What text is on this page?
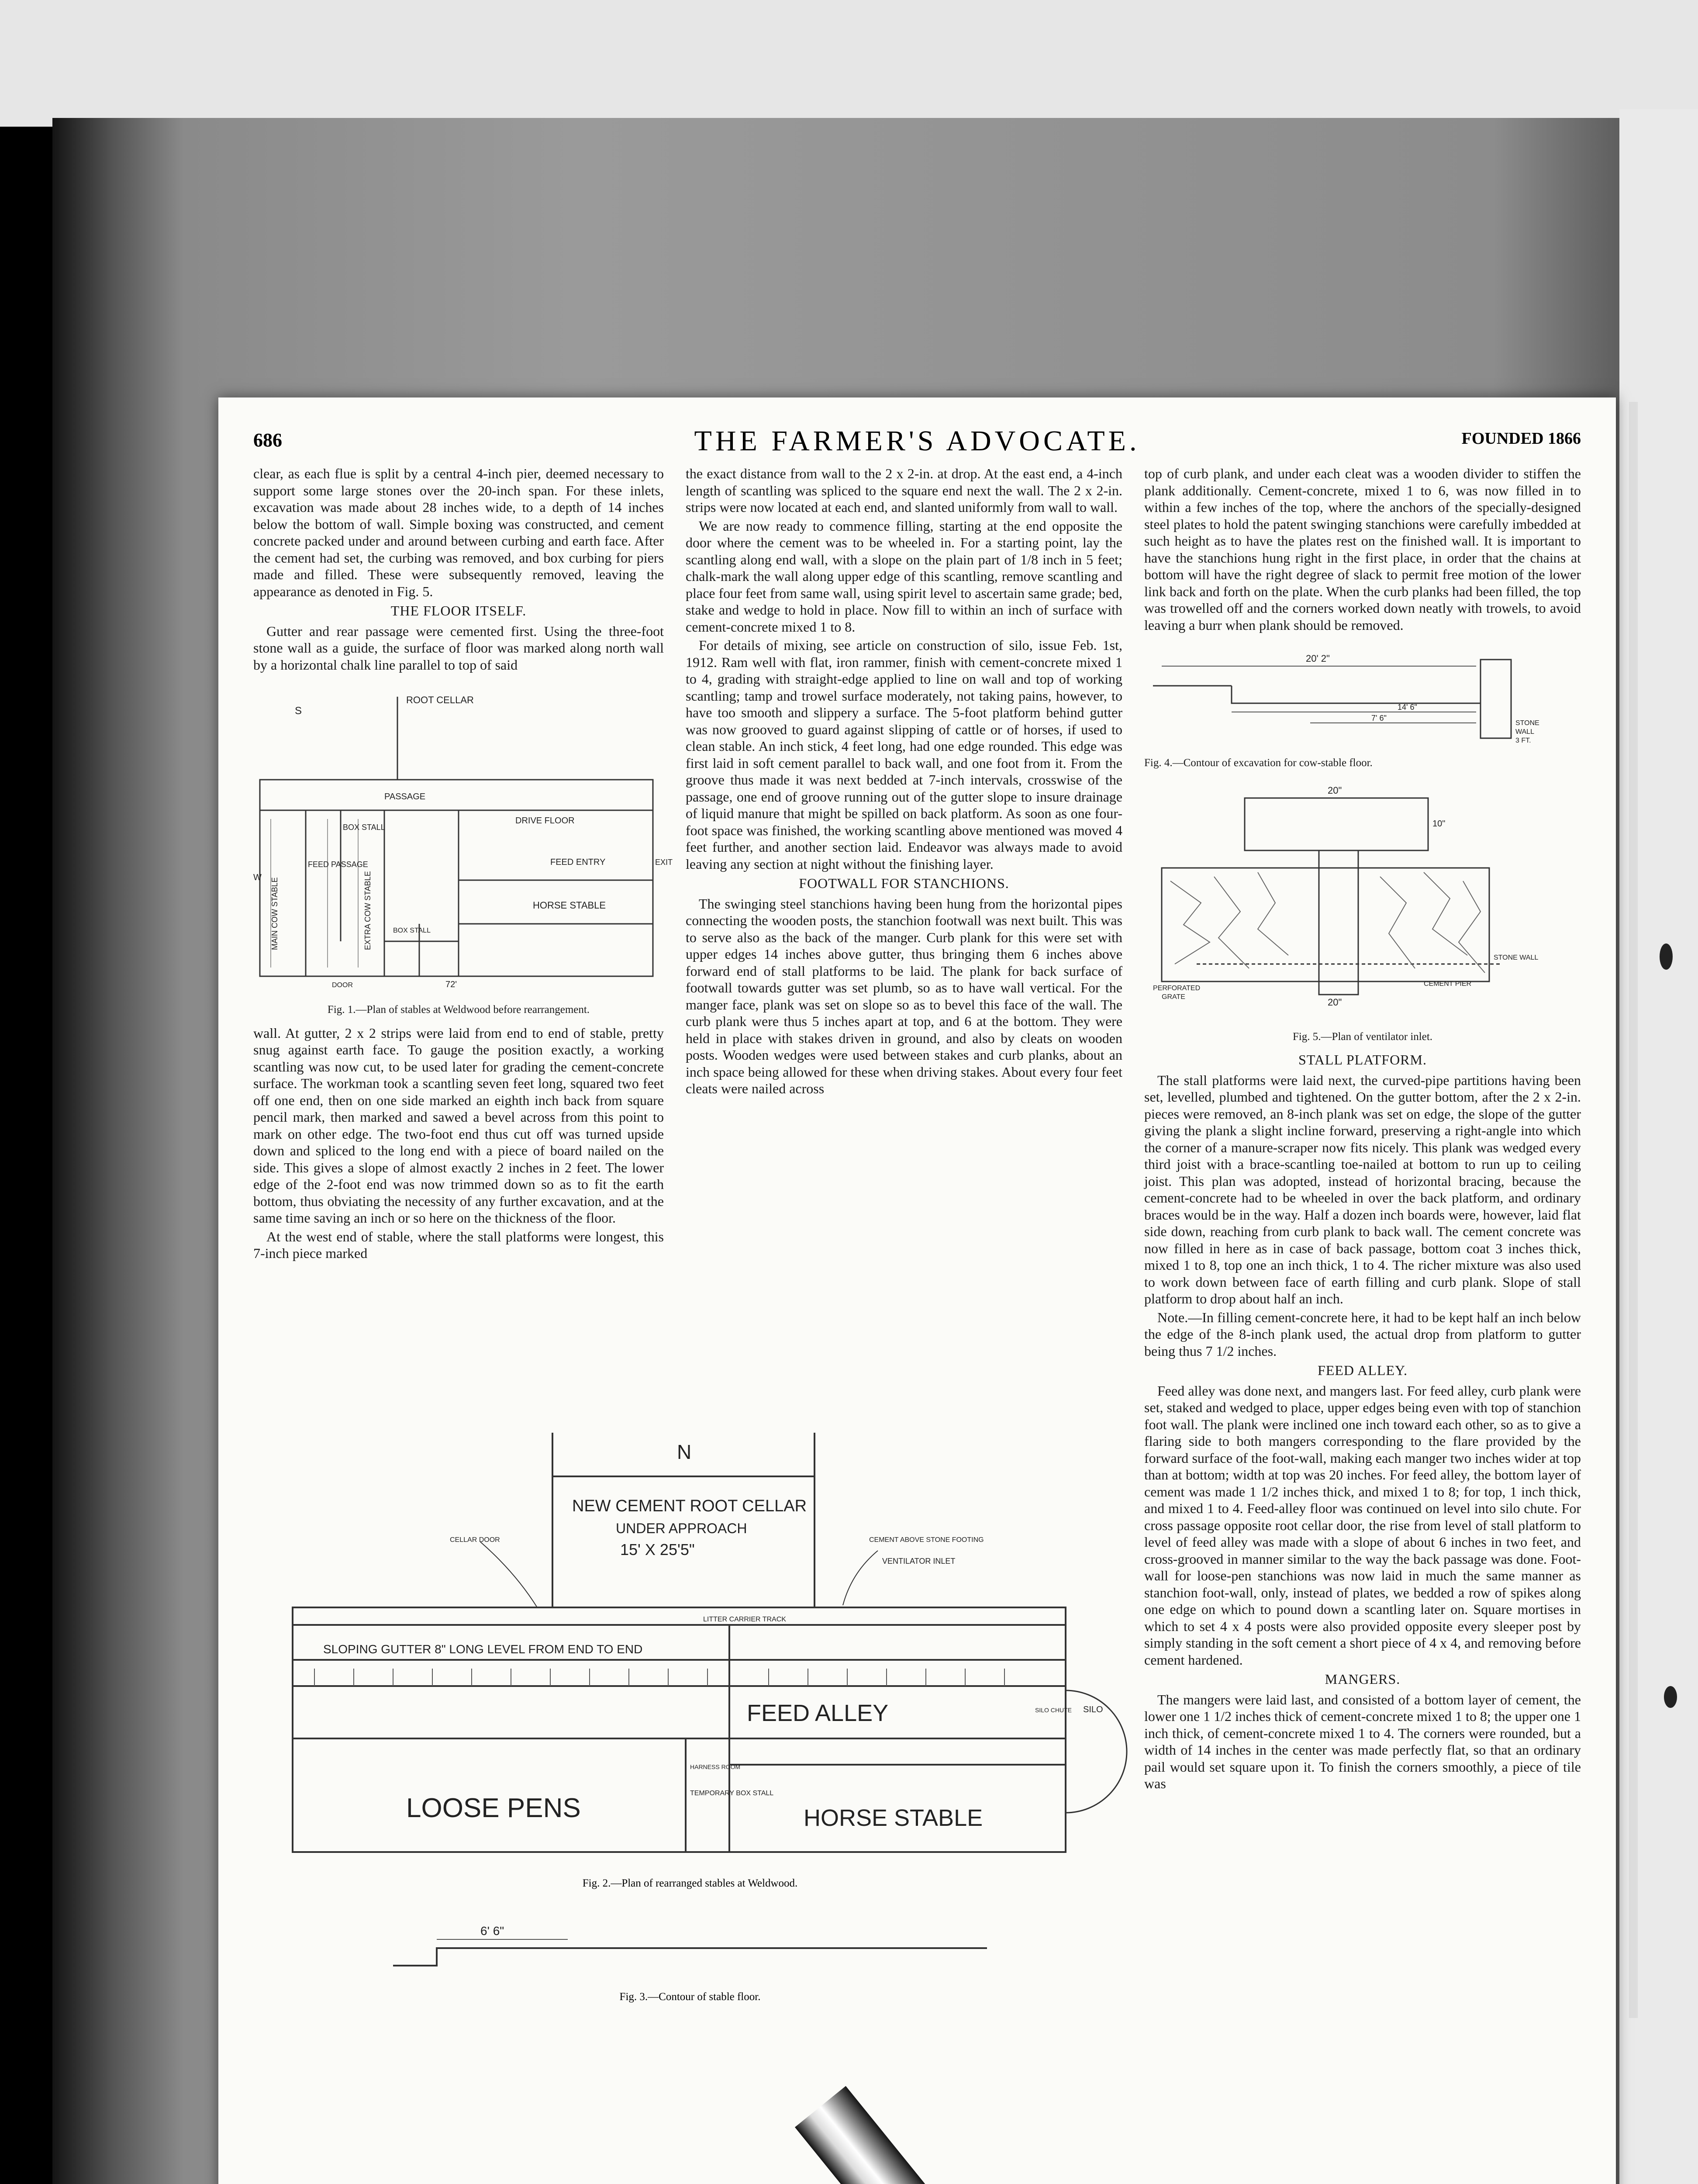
686	THE FARMER'S ADVOCATE.	FOUNDED 1866

clear, as each flue is split by a central 4-inch pier, deemed necessary to support some large stones over the 20-inch span. For these inlets, excavation was made about 28 inches wide, to a depth of 14 inches below the bottom of wall. Simple boxing was constructed, and cement concrete packed under and around between curbing and earth face. After the cement had set, the curbing was removed, and box curbing for piers made and filled. These were subsequently removed, leaving the appearance as denoted in Fig. 5.

THE FLOOR ITSELF.

Gutter and rear passage were cemented first. Using the three-foot stone wall as a guide, the surface of floor was marked along north wall by a horizontal chalk line parallel to top of said

ROOT CELLAR
S
PASSAGE
BOX STALL
FEED PASSAGE
MAIN COW STABLE	EXTRA COW STABLE
DRIVE FLOOR
FEED ENTRY	EXIT
HORSE STABLE
BOX STALL
W
DOOR	72'
Fig. 1.—Plan of stables at Weldwood before rearrangement.

wall. At gutter, 2 x 2 strips were laid from end to end of stable, pretty snug against earth face. To gauge the position exactly, a working scantling was now cut, to be used later for grading the cement-concrete surface. The workman took a scantling seven feet long, squared two feet off one end, then on one side marked an eighth inch back from square pencil mark, then marked and sawed a bevel across from this point to mark on other edge. The two-foot end thus cut off was turned upside down and spliced to the long end with a piece of board nailed on the side. This gives a slope of almost exactly 2 inches in 2 feet. The lower edge of the 2-foot end was now trimmed down so as to fit the earth bottom, thus obviating the necessity of any further excavation, and at the same time saving an inch or so here on the thickness of the floor.

At the west end of stable, where the stall platforms were longest, this 7-inch piece marked

the exact distance from wall to the 2 x 2-in. at drop. At the east end, a 4-inch length of scantling was spliced to the square end next the wall. The 2 x 2-in. strips were now located at each end, and slanted uniformly from wall to wall.

We are now ready to commence filling, starting at the end opposite the door where the cement was to be wheeled in. For a starting point, lay the scantling along end wall, with a slope on the plain part of 1/8 inch in 5 feet; chalk-mark the wall along upper edge of this scantling, remove scantling and place four feet from same wall, using spirit level to ascertain same grade; bed, stake and wedge to hold in place. Now fill to within an inch of surface with cement-concrete mixed 1 to 8.

For details of mixing, see article on construction of silo, issue Feb. 1st, 1912. Ram well with flat, iron rammer, finish with cement-concrete mixed 1 to 4, grading with straight-edge applied to line on wall and top of working scantling; tamp and trowel surface moderately, not taking pains, however, to have too smooth and slippery a surface. The 5-foot platform behind gutter was now grooved to guard against slipping of cattle or of horses, if used to clean stable. An inch stick, 4 feet long, had one edge rounded. This edge was first laid in soft cement parallel to back wall, and one foot from it. From the groove thus made it was next bedded at 7-inch intervals, crosswise of the passage, one end of groove running out of the gutter slope to insure drainage of liquid manure that might be spilled on back platform. As soon as one four-foot space was finished, the working scantling above mentioned was moved 4 feet further, and another section laid. Endeavor was always made to avoid leaving any section at night without the finishing layer.

FOOTWALL FOR STANCHIONS.

The swinging steel stanchions having been hung from the horizontal pipes connecting the wooden posts, the stanchion footwall was next built. This was to serve also as the back of the manger. Curb plank for this were set with upper edges 14 inches above gutter, thus bringing them 6 inches above forward end of stall platforms to be laid. The plank for back surface of footwall towards gutter was set plumb, so as to have wall vertical. For the manger face, plank was set on slope so as to bevel this face of the wall. The curb plank were thus 5 inches apart at top, and 6 at the bottom. They were held in place with stakes driven in ground, and also by cleats on wooden posts. Wooden wedges were used between stakes and curb planks, about an inch space being allowed for these when driving stakes. About every four feet cleats were nailed across

top of curb plank, and under each cleat was a wooden divider to stiffen the plank additionally. Cement-concrete, mixed 1 to 6, was now filled in to within a few inches of the top, where the anchors of the specially-designed steel plates to hold the patent swinging stanchions were carefully imbedded at such height as to have the plates rest on the finished wall. It is important to have the stanchions hung right in the first place, in order that the chains at bottom will have the right degree of slack to permit free motion of the lower link back and forth on the plate. When the curb planks had been filled, the top was trowelled off and the corners worked down neatly with trowels, to avoid leaving a burr when plank should be removed.

20' 2"
14' 6"
7' 6"
STONE
WALL
3 FT.
Fig. 4.—Contour of excavation for cow-stable floor.
20"
10"
20"
STONE WALL
CEMENT PIER
PERFORATED
GRATE
Fig. 5.—Plan of ventilator inlet.
STALL PLATFORM.

The stall platforms were laid next, the curved-pipe partitions having been set, levelled, plumbed and tightened. On the gutter bottom, after the 2 x 2-in. pieces were removed, an 8-inch plank was set on edge, the slope of the gutter giving the plank a slight incline forward, preserving a right-angle into which the corner of a manure-scraper now fits nicely. This plank was wedged every third joist with a brace-scantling toe-nailed at bottom to run up to ceiling joist. This plan was adopted, instead of horizontal bracing, because the cement-concrete had to be wheeled in over the back platform, and ordinary braces would be in the way. Half a dozen inch boards were, however, laid flat side down, reaching from curb plank to back wall. The cement concrete was now filled in here as in case of back passage, bottom coat 3 inches thick, mixed 1 to 8, top one an inch thick, 1 to 4. The richer mixture was also used to work down between face of earth filling and curb plank. Slope of stall platform to drop about half an inch.

Note.—In filling cement-concrete here, it had to be kept half an inch below the edge of the 8-inch plank used, the actual drop from platform to gutter being thus 7 1/2 inches.

FEED ALLEY.

Feed alley was done next, and mangers last. For feed alley, curb plank were set, staked and wedged to place, upper edges being even with top of stanchion foot wall. The plank were inclined one inch toward each other, so as to give a flaring side to both mangers corresponding to the flare provided by the forward surface of the foot-wall, making each manger two inches wider at top than at bottom; width at top was 20 inches. For feed alley, the bottom layer of cement was made 1 1/2 inches thick, and mixed 1 to 8; for top, 1 inch thick, and mixed 1 to 4. Feed-alley floor was continued on level into silo chute. For cross passage opposite root cellar door, the rise from level of stall platform to level of feed alley was made with a slope of about 6 inches in two feet, and cross-grooved in manner similar to the way the back passage was done. Foot-wall for loose-pen stanchions was now laid in much the same manner as stanchion foot-wall, only, instead of plates, we bedded a row of spikes along one edge on which to pound down a scantling later on. Square mortises in which to set 4 x 4 posts were also provided opposite every sleeper post by simply standing in the soft cement a short piece of 4 x 4, and removing before cement hardened.

MANGERS.

The mangers were laid last, and consisted of a bottom layer of cement, the lower one 1 1/2 inches thick of cement-concrete mixed 1 to 8; the upper one 1 inch thick, of cement-concrete mixed 1 to 4. The corners were rounded, but a width of 14 inches in the center was made perfectly flat, so that an ordinary pail would set square upon it. To finish the corners smoothly, a piece of tile was

N
NEW CEMENT ROOT CELLAR
UNDER APPROACH
15' X 25'5"
CELLAR DOOR	CEMENT ABOVE STONE FOOTING
VENTILATOR INLET
LITTER CARRIER TRACK
SLOPING GUTTER 8" LONG LEVEL FROM END TO END
FEED ALLEY	SILO CHUTE SILO
LOOSE PENS	HORSE STABLE
TEMPORARY BOX STALL
HARNESS ROOM
Fig. 2.—Plan of rearranged stables at Weldwood.
6' 6"
Fig. 3.—Contour of stable floor.
